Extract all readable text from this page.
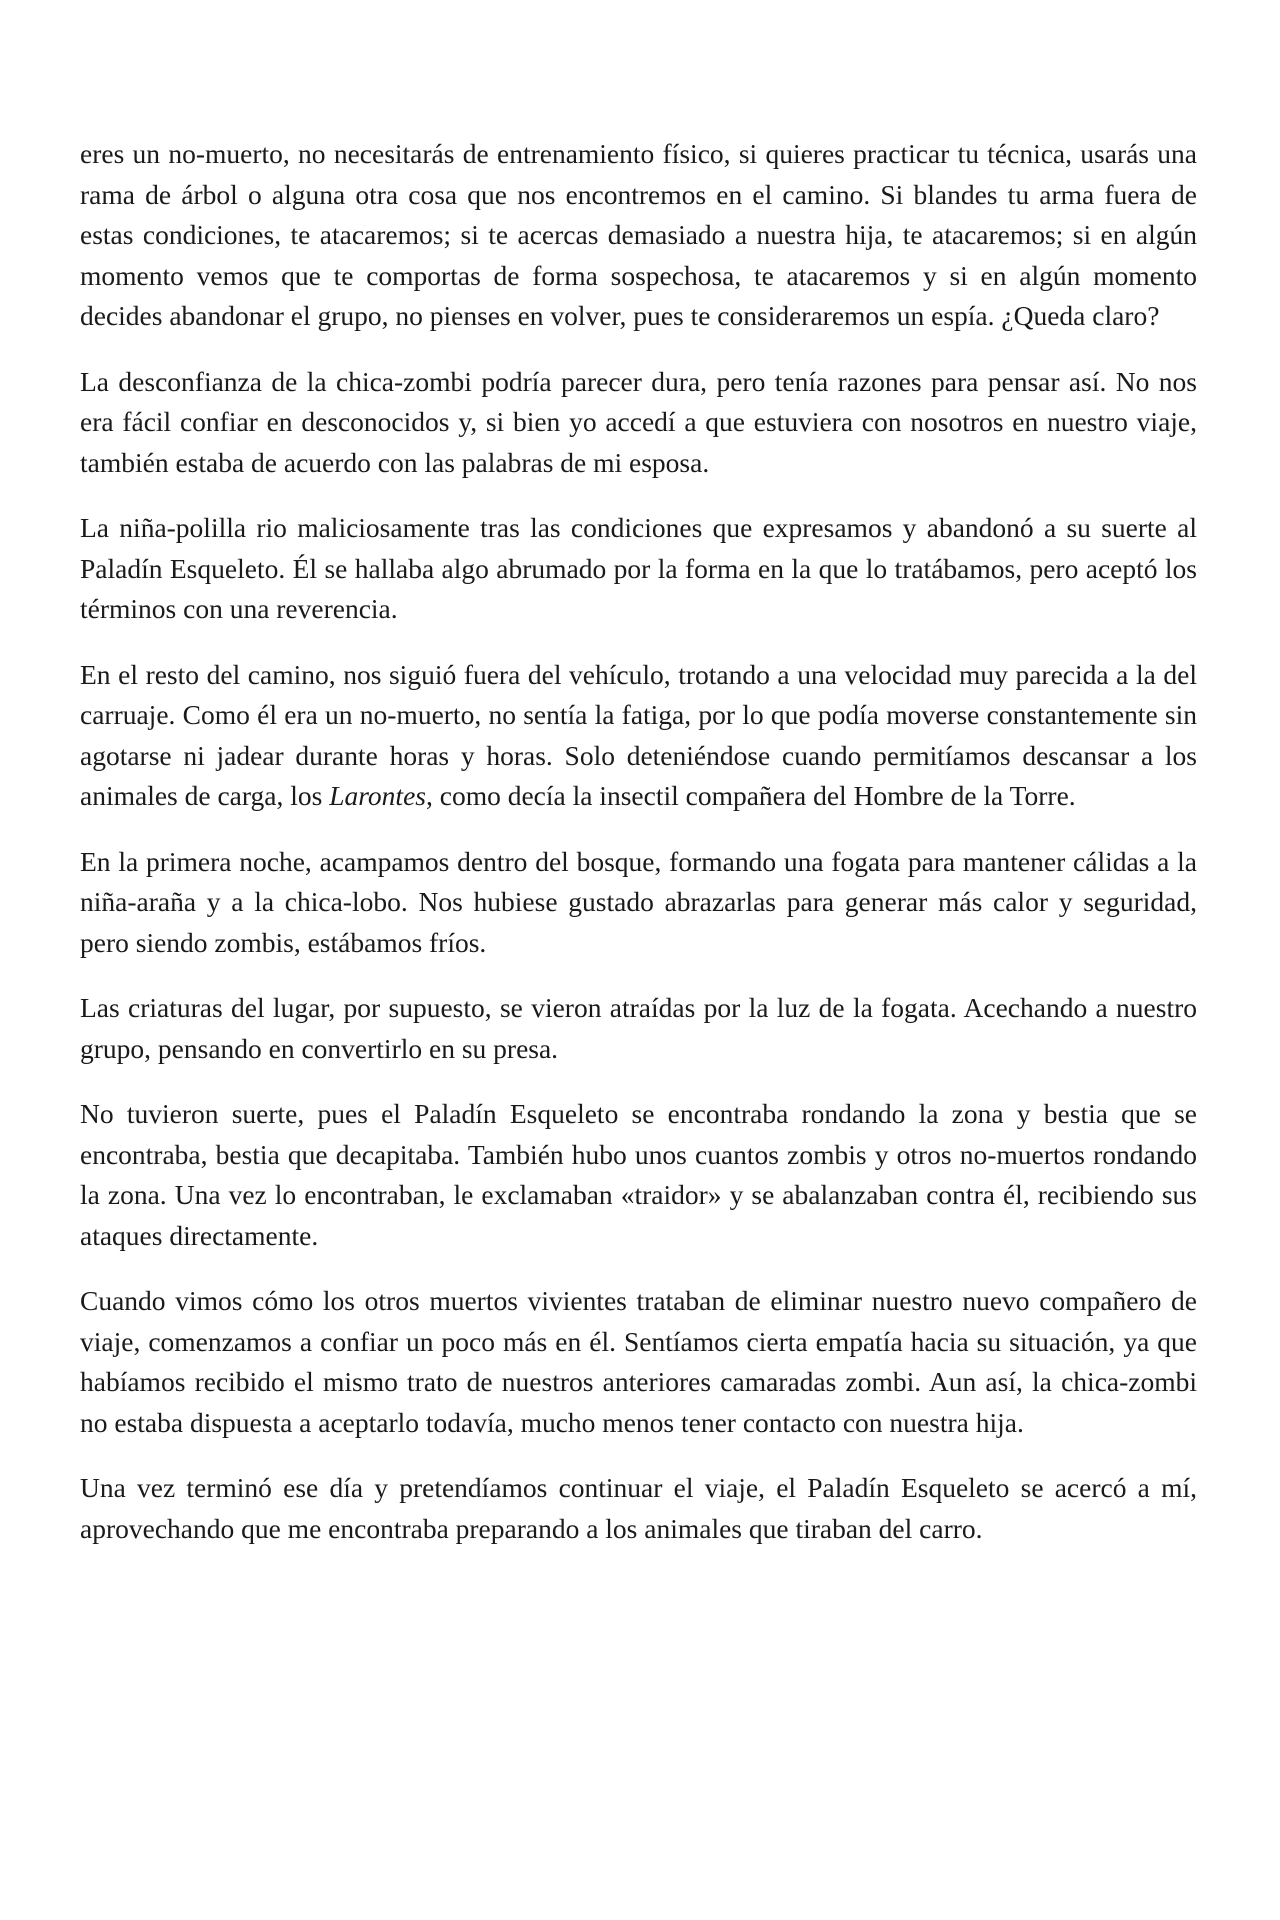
eres un no-muerto, no necesitarás de entrenamiento físico, si quieres practicar tu técnica, usarás una rama de árbol o alguna otra cosa que nos encontremos en el camino. Si blandes tu arma fuera de estas condiciones, te atacaremos; si te acercas demasiado a nuestra hija, te atacaremos; si en algún momento vemos que te comportas de forma sospechosa, te atacaremos y si en algún momento decides abandonar el grupo, no pienses en volver, pues te consideraremos un espía. ¿Queda claro?

La desconfianza de la chica-zombi podría parecer dura, pero tenía razones para pensar así. No nos era fácil confiar en desconocidos y, si bien yo accedí a que estuviera con nosotros en nuestro viaje, también estaba de acuerdo con las palabras de mi esposa.

La niña-polilla rio maliciosamente tras las condiciones que expresamos y abandonó a su suerte al Paladín Esqueleto. Él se hallaba algo abrumado por la forma en la que lo tratábamos, pero aceptó los términos con una reverencia.

En el resto del camino, nos siguió fuera del vehículo, trotando a una velocidad muy parecida a la del carruaje. Como él era un no-muerto, no sentía la fatiga, por lo que podía moverse constantemente sin agotarse ni jadear durante horas y horas. Solo deteniéndose cuando permitíamos descansar a los animales de carga, los Larontes, como decía la insectil compañera del Hombre de la Torre.

En la primera noche, acampamos dentro del bosque, formando una fogata para mantener cálidas a la niña-araña y a la chica-lobo. Nos hubiese gustado abrazarlas para generar más calor y seguridad, pero siendo zombis, estábamos fríos.

Las criaturas del lugar, por supuesto, se vieron atraídas por la luz de la fogata. Acechando a nuestro grupo, pensando en convertirlo en su presa.

No tuvieron suerte, pues el Paladín Esqueleto se encontraba rondando la zona y bestia que se encontraba, bestia que decapitaba. También hubo unos cuantos zombis y otros no-muertos rondando la zona. Una vez lo encontraban, le exclamaban «traidor» y se abalanzaban contra él, recibiendo sus ataques directamente.

Cuando vimos cómo los otros muertos vivientes trataban de eliminar nuestro nuevo compañero de viaje, comenzamos a confiar un poco más en él. Sentíamos cierta empatía hacia su situación, ya que habíamos recibido el mismo trato de nuestros anteriores camaradas zombi. Aun así, la chica-zombi no estaba dispuesta a aceptarlo todavía, mucho menos tener contacto con nuestra hija.

Una vez terminó ese día y pretendíamos continuar el viaje, el Paladín Esqueleto se acercó a mí, aprovechando que me encontraba preparando a los animales que tiraban del carro.
